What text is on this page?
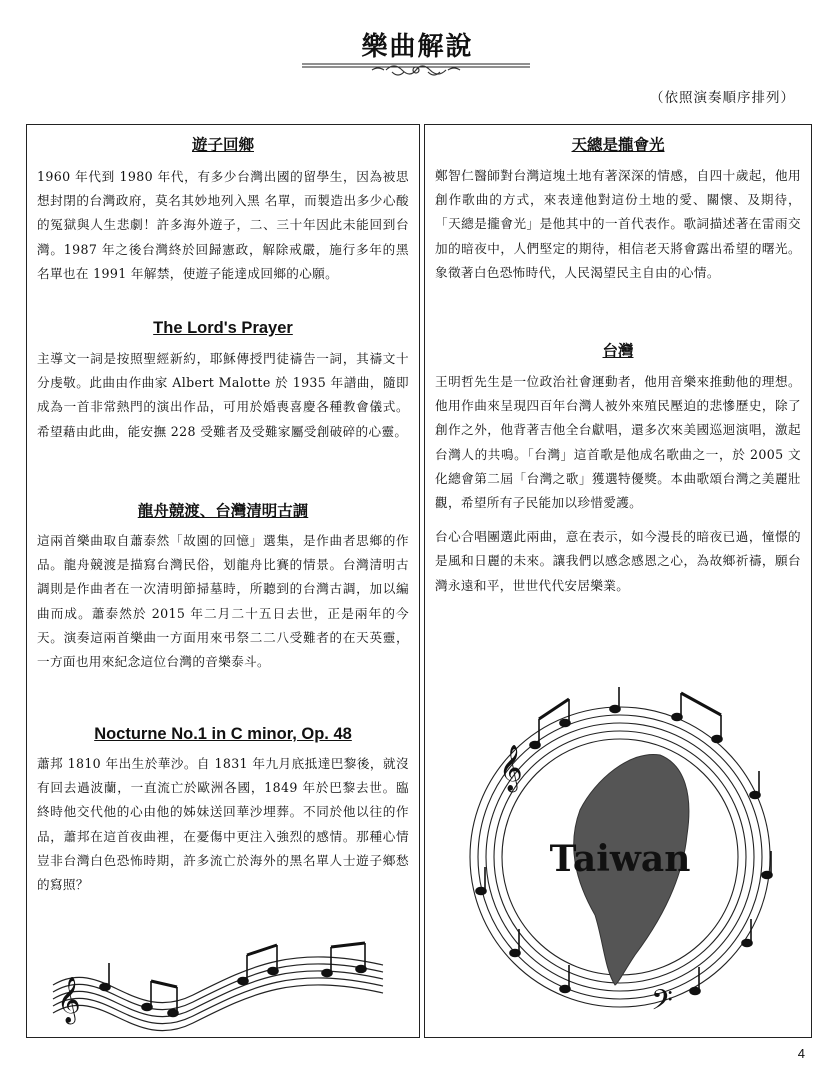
樂曲解說
（依照演奏順序排列）
遊子回鄉

1960 年代到 1980 年代，有多少台灣出國的留學生，因為被思想封閉的台灣政府，莫名其妙地列入黑 名單，而製造出多少心酸的冤獄與人生悲劇！許多海外遊子，二、三十年因此未能回到台灣。1987 年之後台灣終於回歸憲政，解除戒嚴，施行多年的黑名單也在 1991 年解禁，使遊子能達成回鄉的心願。

The Lord's Prayer

主導文一詞是按照聖經新約，耶穌傳授門徒禱告一詞，其禱文十分虔敬。此曲由作曲家 Albert Malotte 於 1935 年譜曲，隨即成為一首非常熱門的演出作品，可用於婚喪喜慶各種教會儀式。希望藉由此曲，能安撫 228 受難者及受難家屬受創破碎的心靈。

龍舟競渡、台灣清明古調

這兩首樂曲取自蕭泰然「故園的回憶」選集，是作曲者思鄉的作品。龍舟競渡是描寫台灣民俗，划龍舟比賽的情景。台灣清明古調則是作曲者在一次清明節掃墓時，所聽到的台灣古調，加以編曲而成。蕭泰然於 2015 年二月二十五日去世，正是兩年的今天。演奏這兩首樂曲一方面用來弔祭二二八受難者的在天英靈，一方面也用來紀念這位台灣的音樂泰斗。

Nocturne No.1 in C minor, Op. 48

蕭邦 1810 年出生於華沙。自 1831 年九月底抵達巴黎後，就沒有回去過波蘭，一直流亡於歐洲各國，1849 年於巴黎去世。臨終時他交代他的心由他的姊妹送回華沙埋葬。不同於他以往的作品，蕭邦在這首夜曲裡，在憂傷中更注入強烈的感情。那種心情豈非台灣白色恐怖時期，許多流亡於海外的黑名單人士遊子鄉愁的寫照？

𝄞
天總是攏會光

鄭智仁醫師對台灣這塊土地有著深深的情感，自四十歲起，他用創作歌曲的方式，來表達他對這份土地的愛、關懷、及期待，「天總是攏會光」是他其中的一首代表作。歌詞描述著在雷雨交加的暗夜中，人們堅定的期待，相信老天將會露出希望的曙光。象徵著白色恐怖時代，人民渴望民主自由的心情。

台灣

王明哲先生是一位政治社會運動者，他用音樂來推動他的理想。他用作曲來呈現四百年台灣人被外來殖民壓迫的悲慘歷史，除了創作之外，他背著吉他全台獻唱，還多次來美國巡迴演唱，激起台灣人的共鳴。「台灣」這首歌是他成名歌曲之一，於 2005 文化總會第二屆「台灣之歌」獲選特優獎。本曲歌頌台灣之美麗壯觀，希望所有子民能加以珍惜愛護。

台心合唱團選此兩曲，意在表示，如今漫長的暗夜已過，憧憬的是風和日麗的未來。讓我們以感念感恩之心，為故鄉祈禱，願台灣永遠和平，世世代代安居樂業。

𝄞
𝄢
Taiwan
4
